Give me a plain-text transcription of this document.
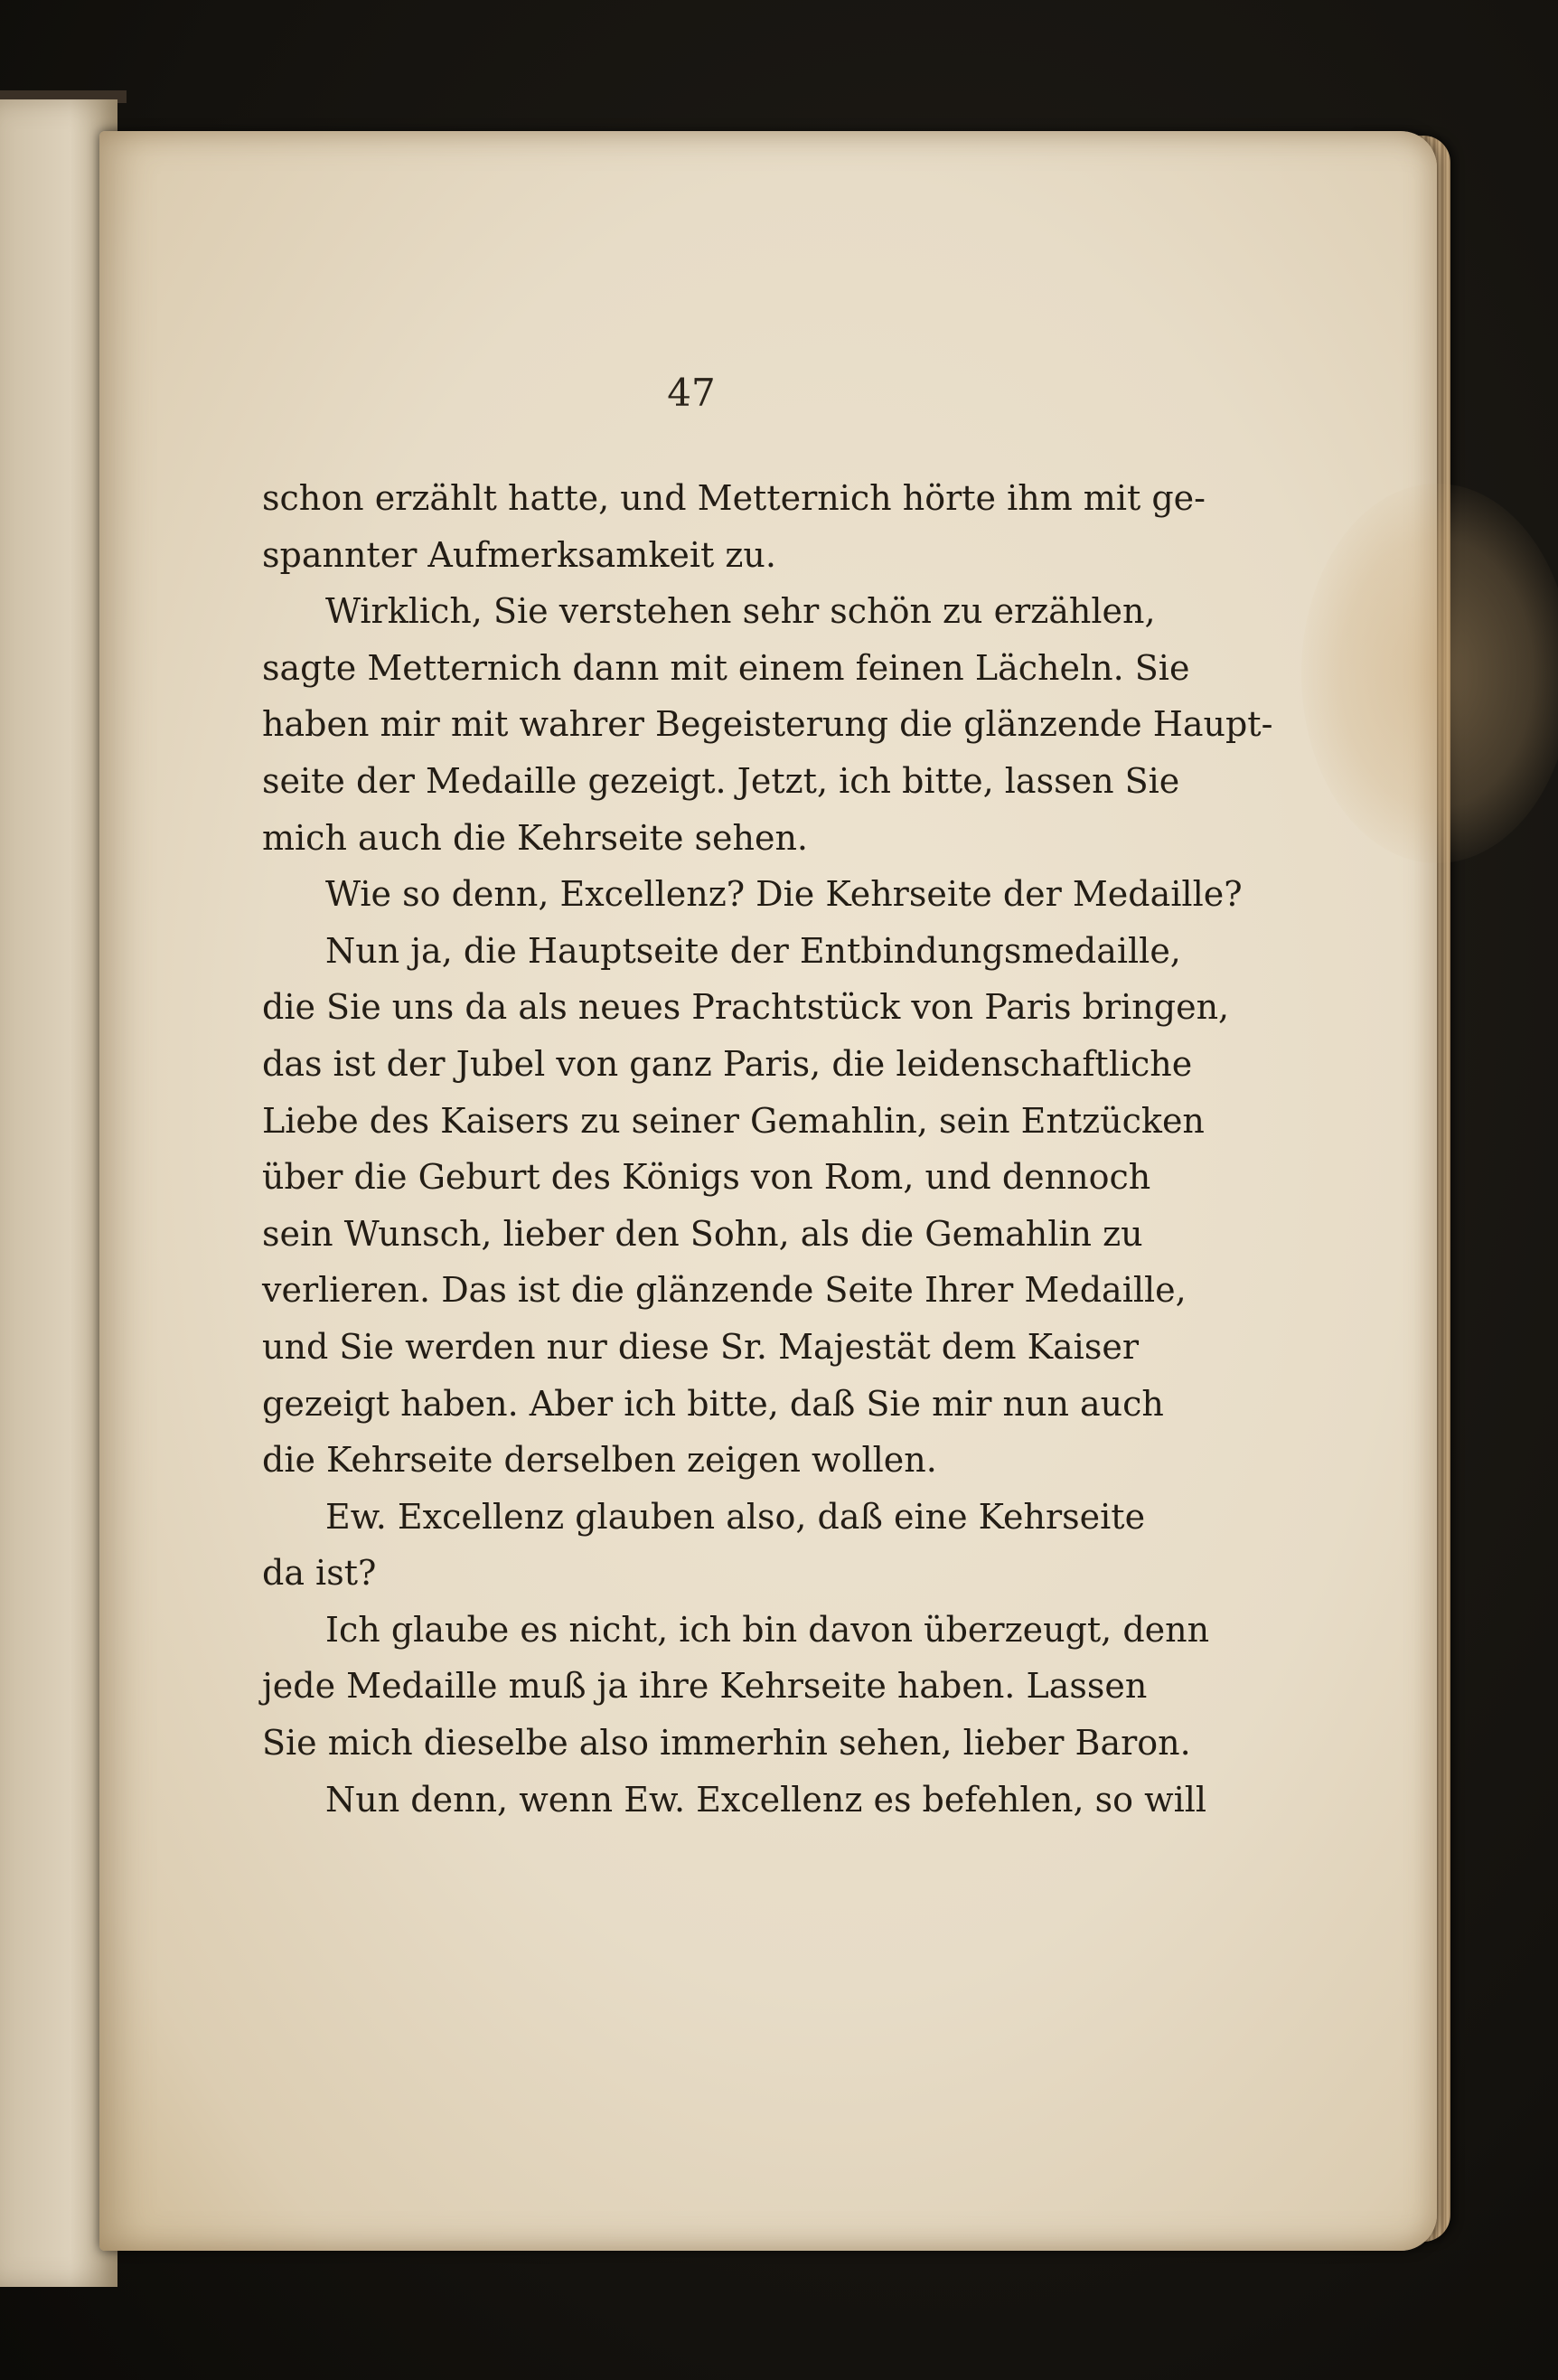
47
schon erzählt hatte, und Metternich hörte ihm mit ge-
spannter Aufmerksamkeit zu.
Wirklich, Sie verstehen sehr schön zu erzählen,
sagte Metternich dann mit einem feinen Lächeln. Sie
haben mir mit wahrer Begeisterung die glänzende Haupt-
seite der Medaille gezeigt. Jetzt, ich bitte, lassen Sie
mich auch die Kehrseite sehen.
Wie so denn, Excellenz? Die Kehrseite der Medaille?
Nun ja, die Hauptseite der Entbindungsmedaille,
die Sie uns da als neues Prachtstück von Paris bringen,
das ist der Jubel von ganz Paris, die leidenschaftliche
Liebe des Kaisers zu seiner Gemahlin, sein Entzücken
über die Geburt des Königs von Rom, und dennoch
sein Wunsch, lieber den Sohn, als die Gemahlin zu
verlieren. Das ist die glänzende Seite Ihrer Medaille,
und Sie werden nur diese Sr. Majestät dem Kaiser
gezeigt haben. Aber ich bitte, daß Sie mir nun auch
die Kehrseite derselben zeigen wollen.
Ew. Excellenz glauben also, daß eine Kehrseite
da ist?
Ich glaube es nicht, ich bin davon überzeugt, denn
jede Medaille muß ja ihre Kehrseite haben. Lassen
Sie mich dieselbe also immerhin sehen, lieber Baron.
Nun denn, wenn Ew. Excellenz es befehlen, so will
